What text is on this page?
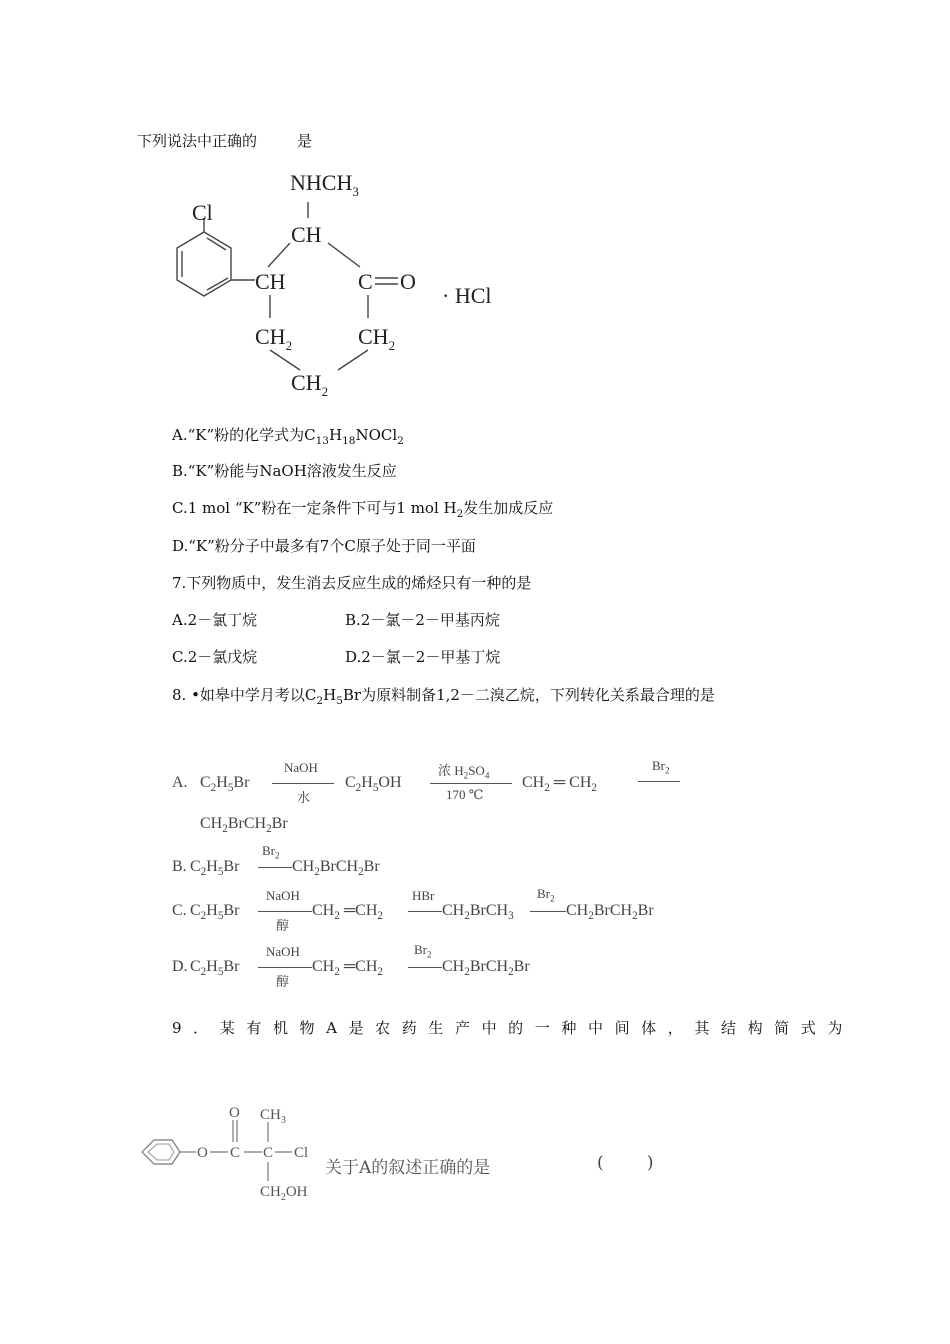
下列说法中正确的	是
Cl
$NHCH_3$
CH
CH	C O
$CH_2$	$CH_2$
$CH_2$
· HCl
A.“K”粉的化学式为$C_{13}H_{18}NOCl_2$
B.“K”粉能与NaOH溶液发生反应
C.1 mol “K”粉在一定条件下可与1 mol $H_2$发生加成反应
D.“K”粉分子中最多有7个C原子处于同一平面
7.下列物质中，发生消去反应生成的烯烃只有一种的是
A.2－氯丁烷	B.2－氯－2－甲基丙烷
C.2－氯戊烷	D.2－氯－2－甲基丁烷
8. •如皋中学月考以$C_2H_5Br$为原料制备1,2－二溴乙烷，下列转化关系最合理的是
A. $C_2H_5Br$
NaOH
水
$C_2H_5OH$
浓 $H_2SO_4$
170 ℃
$CH_2$ ═ $CH_2$
$Br_2$
$CH_2BrCH_2Br$
B. $C_2H_5Br$
$Br_2$
$CH_2BrCH_2Br$
C. $C_2H_5Br$
NaOH
醇
$CH_2$ $═CH_2$
HBr
$CH_2BrCH_3$
$Br_2$
$CH_2BrCH_2Br$
D. $C_2H_5Br$
NaOH
醇
$CH_2$ $═CH_2$
$Br_2$
$CH_2BrCH_2Br$
9．某有机物A是农药生产中的一种中间体，其结构简式为
O
O C C
$CH_3$
Cl
$CH_2OH$
关于A的叙述正确的是	(        )
